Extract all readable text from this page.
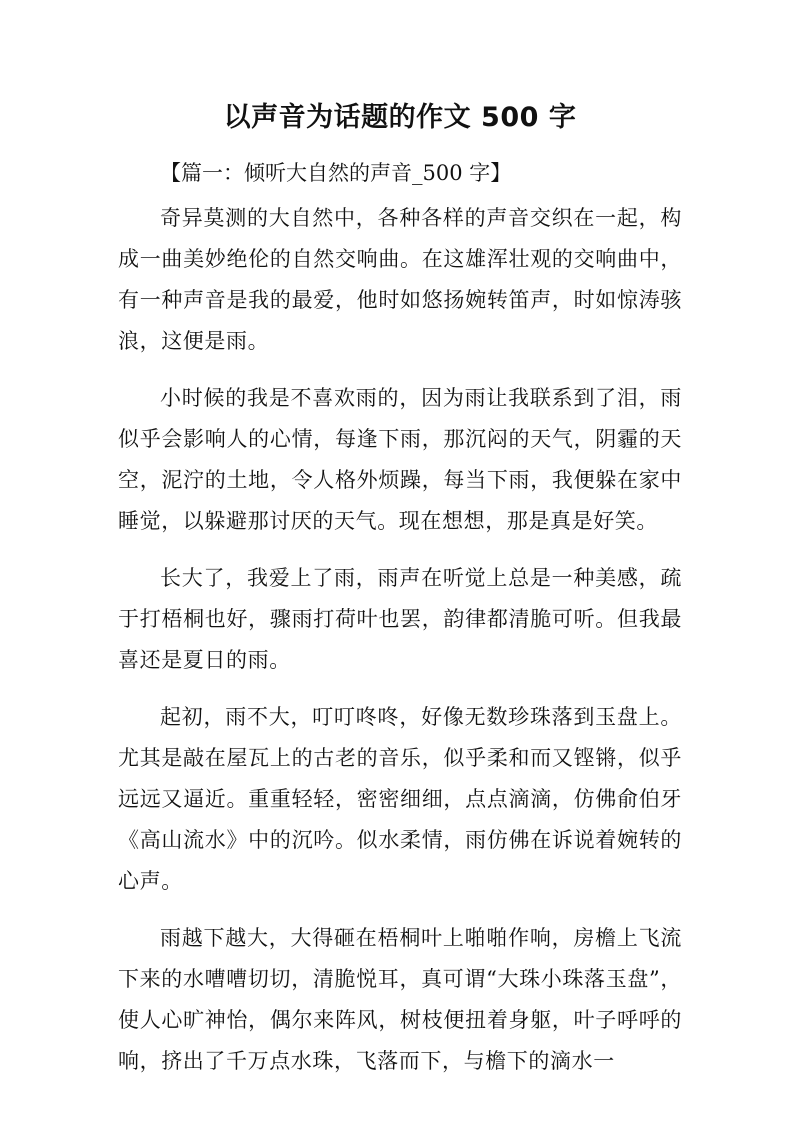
以声音为话题的作文 500 字

【篇一：倾听大自然的声音_500 字】

奇异莫测的大自然中，各种各样的声音交织在一起，构成一曲美妙绝伦的自然交响曲。在这雄浑壮观的交响曲中，有一种声音是我的最爱，他时如悠扬婉转笛声，时如惊涛骇浪，这便是雨。

小时候的我是不喜欢雨的，因为雨让我联系到了泪，雨似乎会影响人的心情，每逢下雨，那沉闷的天气，阴霾的天空，泥泞的土地，令人格外烦躁，每当下雨，我便躲在家中睡觉，以躲避那讨厌的天气。现在想想，那是真是好笑。

长大了，我爱上了雨，雨声在听觉上总是一种美感，疏于打梧桐也好，骤雨打荷叶也罢，韵律都清脆可听。但我最喜还是夏日的雨。

起初，雨不大，叮叮咚咚，好像无数珍珠落到玉盘上。尤其是敲在屋瓦上的古老的音乐，似乎柔和而又铿锵，似乎远远又逼近。重重轻轻，密密细细，点点滴滴，仿佛俞伯牙《高山流水》中的沉吟。似水柔情，雨仿佛在诉说着婉转的心声。

雨越下越大，大得砸在梧桐叶上啪啪作响，房檐上飞流下来的水嘈嘈切切，清脆悦耳，真可谓“大珠小珠落玉盘”，使人心旷神怡，偶尔来阵风，树枝便扭着身躯，叶子呼呼的响，挤出了千万点水珠，飞落而下，与檐下的滴水一
